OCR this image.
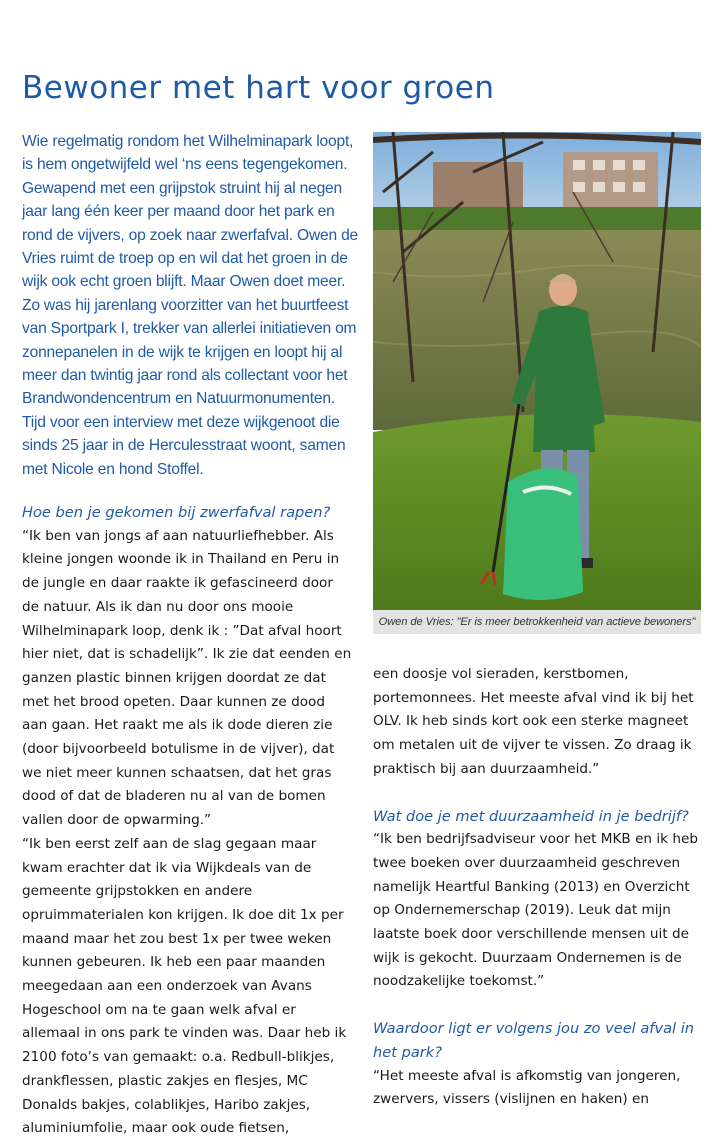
Bewoner met hart voor groen

Wie regelmatig rondom het Wilhelminapark loopt, is hem ongetwijfeld wel ‘ns eens tegengekomen. Gewapend met een grijpstok struint hij al negen jaar lang één keer per maand door het park en rond de vijvers, op zoek naar zwerfafval. Owen de Vries ruimt de troep op en wil dat het groen in de wijk ook echt groen blijft. Maar Owen doet meer. Zo was hij jarenlang voorzitter van het buurtfeest van Sportpark I, trekker van allerlei initiatieven om zonnepanelen in de wijk te krijgen en loopt hij al meer dan twintig jaar rond als collectant voor het Brandwondencentrum en Natuurmonumenten. Tijd voor een interview met deze wijkgenoot die sinds 25 jaar in de Herculesstraat woont, samen met Nicole en hond Stoffel.

Hoe ben je gekomen bij zwerfafval rapen?

“Ik ben van jongs af aan natuurliefhebber. Als kleine jongen woonde ik in Thailand en Peru in de jungle en daar raakte ik gefascineerd door de natuur. Als ik dan nu door ons mooie Wilhelminapark loop, denk ik : ”Dat afval hoort hier niet, dat is schadelijk”. Ik zie dat eenden en ganzen plastic binnen krijgen doordat ze dat met het brood opeten. Daar kunnen ze dood aan gaan. Het raakt me als ik dode dieren zie (door bijvoorbeeld botulisme in de vijver), dat we niet meer kunnen schaatsen, dat het gras dood of dat de bladeren nu al van de bomen vallen door de opwarming.”

“Ik ben eerst zelf aan de slag gegaan maar kwam erachter dat ik via Wijkdeals van de gemeente grijpstokken en andere opruimmaterialen kon krijgen. Ik doe dit 1x per maand maar het zou best 1x per twee weken kunnen gebeuren. Ik heb een paar maanden meegedaan aan een onderzoek van Avans Hogeschool om na te gaan welk afval er allemaal in ons park te vinden was. Daar heb ik 2100 foto’s van gemaakt: o.a. Redbull-blikjes, drankflessen, plastic zakjes en flesjes, MC Donalds bakjes, colablikjes, Haribo zakjes, aluminiumfolie, maar ook oude fietsen,

Owen de Vries: "Er is meer betrokkenheid van actieve bewoners"

een doosje vol sieraden, kerstbomen, portemonnees. Het meeste afval vind ik bij het OLV. Ik heb sinds kort ook een sterke magneet om metalen uit de vijver te vissen. Zo draag ik praktisch bij aan duurzaamheid.”

Wat doe je met duurzaamheid in je bedrijf?

“Ik ben bedrijfsadviseur voor het MKB en ik heb twee boeken over duurzaamheid geschreven namelijk Heartful Banking (2013) en Overzicht op Ondernemerschap (2019). Leuk dat mijn laatste boek door verschillende mensen uit de wijk is gekocht. Duurzaam Ondernemen is de noodzakelijke toekomst.”

Waardoor ligt er volgens jou zo veel afval in het park?

“Het meeste afval is afkomstig van jongeren, zwervers, vissers (vislijnen en haken) en
